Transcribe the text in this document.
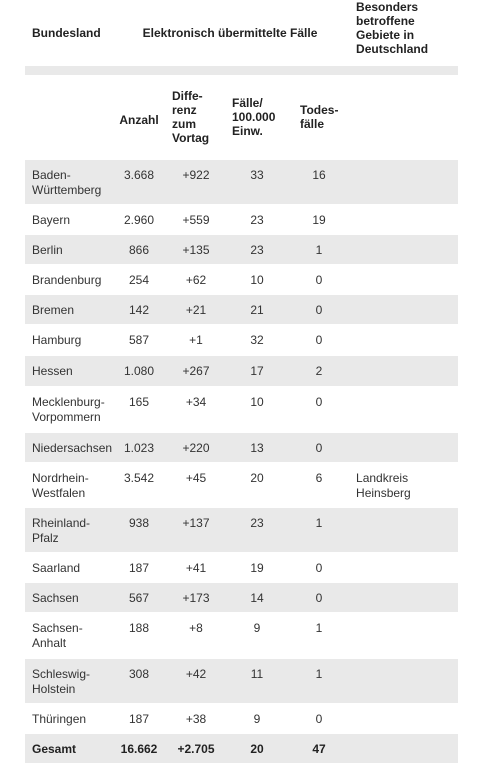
Bundesland	Elektronisch übermittelte Fälle				Besonders betroffene Gebiete in Deutschland

	Anzahl	Diffe-
renz
zum
Vortag	Fälle/
100.000
Einw.	Todes-
fälle	
Baden-
Württemberg	3.668	+922	33	16	
Bayern	2.960	+559	23	19	
Berlin	866	+135	23	1	
Brandenburg	254	+62	10	0	
Bremen	142	+21	21	0	
Hamburg	587	+1	32	0	
Hessen	1.080	+267	17	2	
Mecklenburg-
Vorpommern	165	+34	10	0	
Niedersachsen	1.023	+220	13	0	
Nordrhein-
Westfalen	3.542	+45	20	6	Landkreis
Heinsberg
Rheinland-
Pfalz	938	+137	23	1	
Saarland	187	+41	19	0	
Sachsen	567	+173	14	0	
Sachsen-
Anhalt	188	+8	9	1	
Schleswig-
Holstein	308	+42	11	1	
Thüringen	187	+38	9	0	
Gesamt	16.662	+2.705	20	47	
